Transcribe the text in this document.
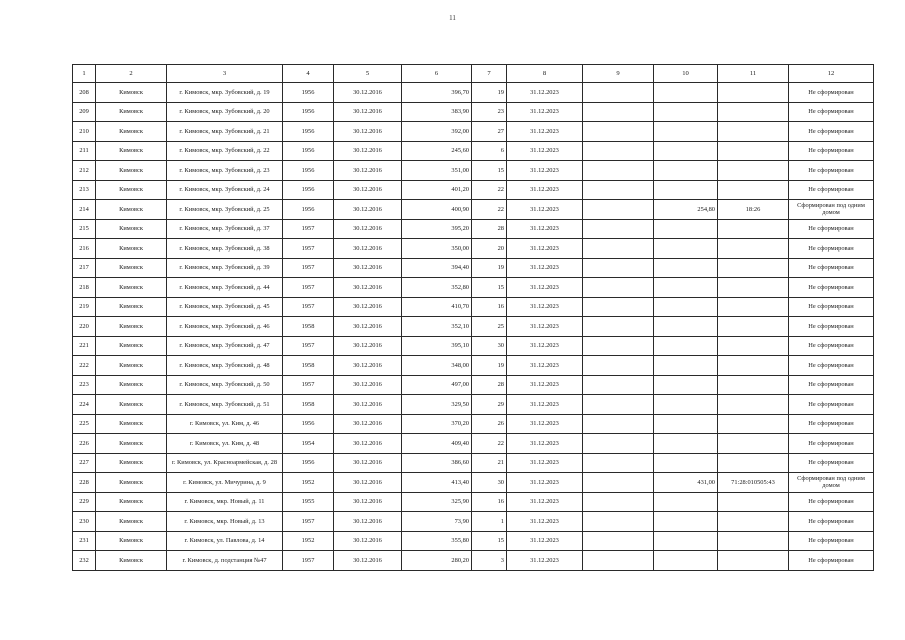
11
1	2	3	4	5	6	7	8	9	10	11	12
208	Кимовск	г. Кимовск, мкр. Зубовский, д. 19	1956	30.12.2016	396,70	19	31.12.2023				Не сформирован
209	Кимовск	г. Кимовск, мкр. Зубовский, д. 20	1956	30.12.2016	383,90	23	31.12.2023				Не сформирован
210	Кимовск	г. Кимовск, мкр. Зубовский, д. 21	1956	30.12.2016	392,00	27	31.12.2023				Не сформирован
211	Кимовск	г. Кимовск, мкр. Зубовский, д. 22	1956	30.12.2016	245,60	6	31.12.2023				Не сформирован
212	Кимовск	г. Кимовск, мкр. Зубовский, д. 23	1956	30.12.2016	351,00	15	31.12.2023				Не сформирован
213	Кимовск	г. Кимовск, мкр. Зубовский, д. 24	1956	30.12.2016	401,20	22	31.12.2023				Не сформирован
214	Кимовск	г. Кимовск, мкр. Зубовский, д. 25	1956	30.12.2016	400,90	22	31.12.2023		254,80	18:26	Сформирован под одним домом
215	Кимовск	г. Кимовск, мкр. Зубовский, д. 37	1957	30.12.2016	395,20	28	31.12.2023				Не сформирован
216	Кимовск	г. Кимовск, мкр. Зубовский, д. 38	1957	30.12.2016	350,00	20	31.12.2023				Не сформирован
217	Кимовск	г. Кимовск, мкр. Зубовский, д. 39	1957	30.12.2016	394,40	19	31.12.2023				Не сформирован
218	Кимовск	г. Кимовск, мкр. Зубовский, д. 44	1957	30.12.2016	352,80	15	31.12.2023				Не сформирован
219	Кимовск	г. Кимовск, мкр. Зубовский, д. 45	1957	30.12.2016	410,70	16	31.12.2023				Не сформирован
220	Кимовск	г. Кимовск, мкр. Зубовский, д. 46	1958	30.12.2016	352,10	25	31.12.2023				Не сформирован
221	Кимовск	г. Кимовск, мкр. Зубовский, д. 47	1957	30.12.2016	395,10	30	31.12.2023				Не сформирован
222	Кимовск	г. Кимовск, мкр. Зубовский, д. 48	1958	30.12.2016	348,00	19	31.12.2023				Не сформирован
223	Кимовск	г. Кимовск, мкр. Зубовский, д. 50	1957	30.12.2016	497,00	28	31.12.2023				Не сформирован
224	Кимовск	г. Кимовск, мкр. Зубовский, д. 51	1958	30.12.2016	329,50	29	31.12.2023				Не сформирован
225	Кимовск	г. Кимовск, ул. Ким, д. 46	1956	30.12.2016	370,20	26	31.12.2023				Не сформирован
226	Кимовск	г. Кимовск, ул. Ким, д. 48	1954	30.12.2016	409,40	22	31.12.2023				Не сформирован
227	Кимовск	г. Кимовск, ул. Красноармейская, д. 28	1956	30.12.2016	386,60	21	31.12.2023				Не сформирован
228	Кимовск	г. Кимовск, ул. Мичурина, д. 9	1952	30.12.2016	413,40	30	31.12.2023		431,00	71:28:010505:43	Сформирован под одним домом
229	Кимовск	г. Кимовск, мкр. Новый, д. 11	1955	30.12.2016	325,90	16	31.12.2023				Не сформирован
230	Кимовск	г. Кимовск, мкр. Новый, д. 13	1957	30.12.2016	73,90	1	31.12.2023				Не сформирован
231	Кимовск	г. Кимовск, ул. Павлова, д. 14	1952	30.12.2016	355,80	15	31.12.2023				Не сформирован
232	Кимовск	г. Кимовск, д. подстанция №47	1957	30.12.2016	280,20	3	31.12.2023				Не сформирован
